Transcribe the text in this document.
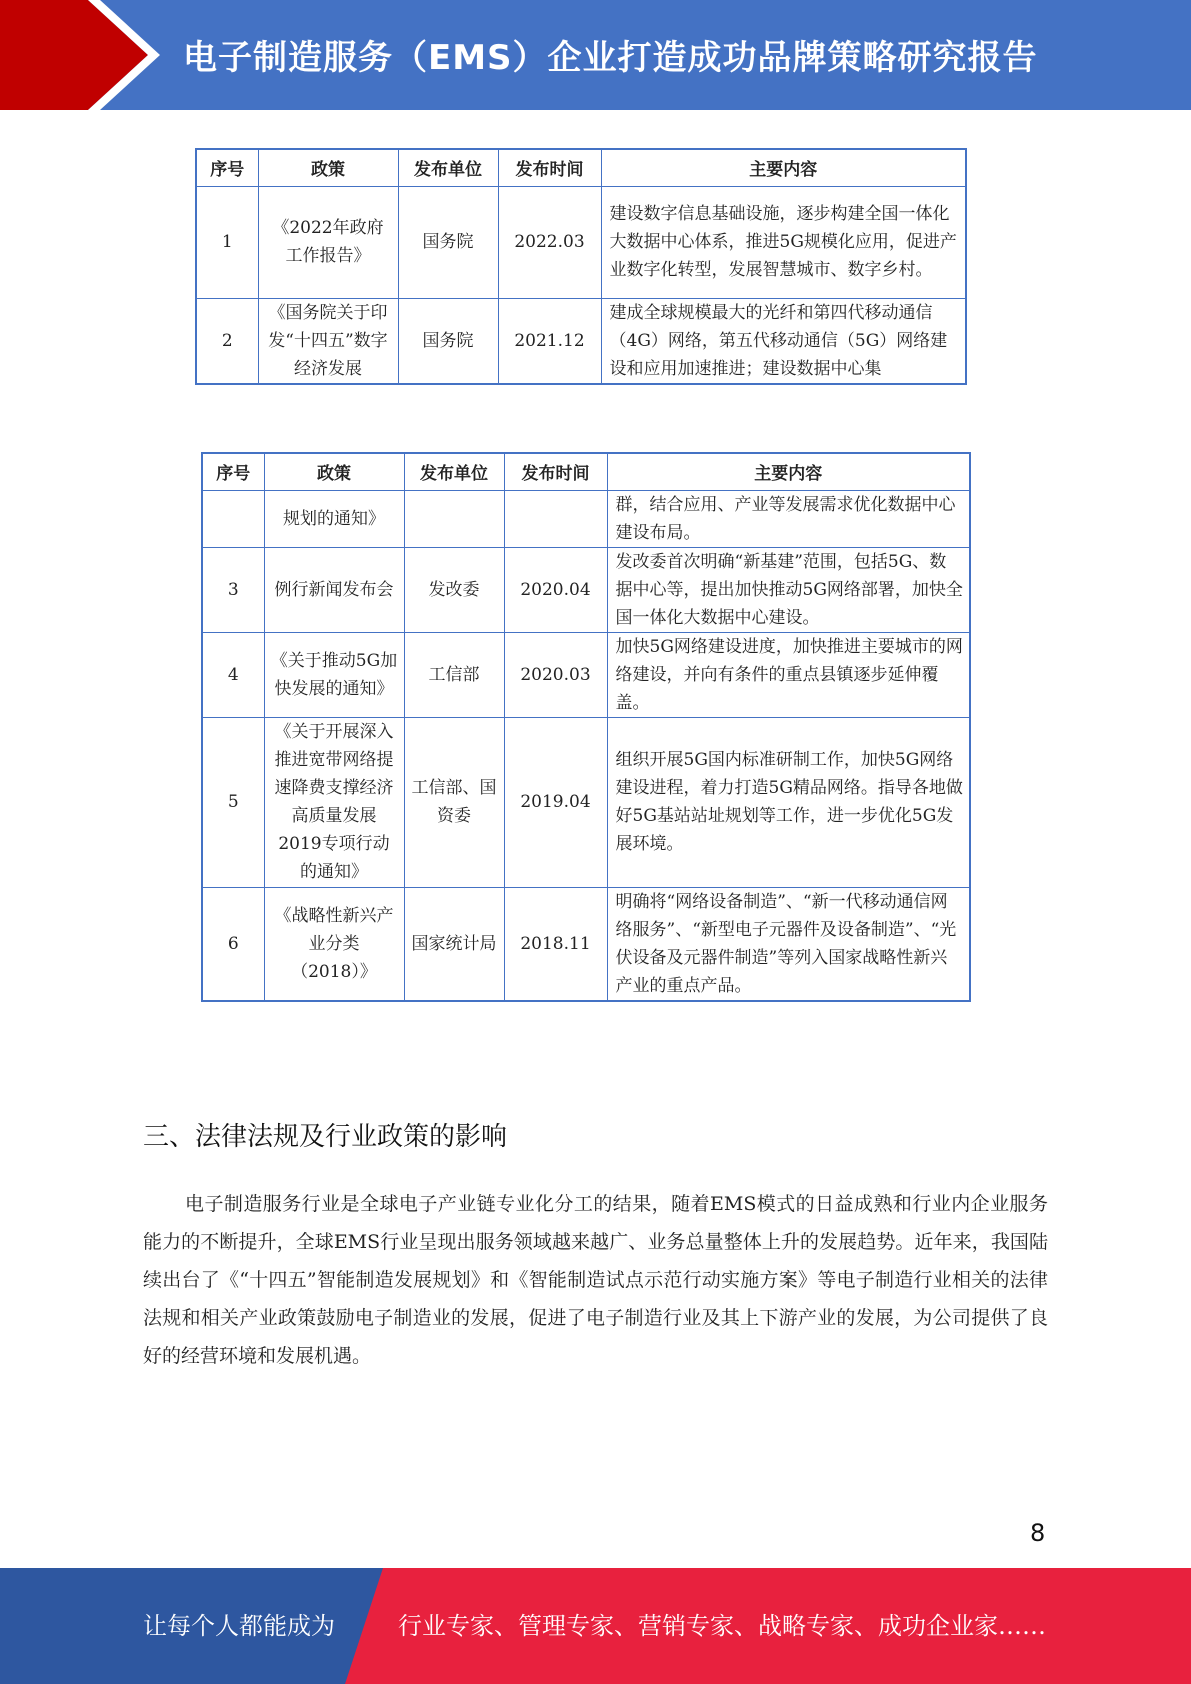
电子制造服务（EMS）企业打造成功品牌策略研究报告
序号	政策	发布单位	发布时间	主要内容
1	《2022年政府工作报告》	国务院	2022.03	建设数字信息基础设施，逐步构建全国一体化大数据中心体系，推进5G规模化应用，促进产业数字化转型，发展智慧城市、数字乡村。
2	《国务院关于印发“十四五”数字经济发展	国务院	2021.12	建成全球规模最大的光纤和第四代移动通信（4G）网络，第五代移动通信（5G）网络建设和应用加速推进；建设数据中心集
序号	政策	发布单位	发布时间	主要内容
	规划的通知》			群，结合应用、产业等发展需求优化数据中心建设布局。
3	例行新闻发布会	发改委	2020.04	发改委首次明确“新基建”范围，包括5G、数据中心等，提出加快推动5G网络部署，加快全国一体化大数据中心建设。
4	《关于推动5G加快发展的通知》	工信部	2020.03	加快5G网络建设进度，加快推进主要城市的网络建设，并向有条件的重点县镇逐步延伸覆盖。
5	《关于开展深入推进宽带网络提速降费支撑经济高质量发展2019专项行动的通知》	工信部、国资委	2019.04	组织开展5G国内标准研制工作，加快5G网络建设进程，着力打造5G精品网络。指导各地做好5G基站站址规划等工作，进一步优化5G发展环境。
6	《战略性新兴产业分类（2018）》	国家统计局	2018.11	明确将“网络设备制造”、“新一代移动通信网络服务”、“新型电子元器件及设备制造”、“光伏设备及元器件制造”等列入国家战略性新兴产业的重点产品。
三、法律法规及行业政策的影响

电子制造服务行业是全球电子产业链专业化分工的结果，随着EMS模式的日益成熟和行业内企业服务能力的不断提升，全球EMS行业呈现出服务领域越来越广、业务总量整体上升的发展趋势。近年来，我国陆续出台了《“十四五”智能制造发展规划》和《智能制造试点示范行动实施方案》等电子制造行业相关的法律法规和相关产业政策鼓励电子制造业的发展，促进了电子制造行业及其上下游产业的发展，为公司提供了良好的经营环境和发展机遇。

8
让每个人都能成为	行业专家、管理专家、营销专家、战略专家、成功企业家……
